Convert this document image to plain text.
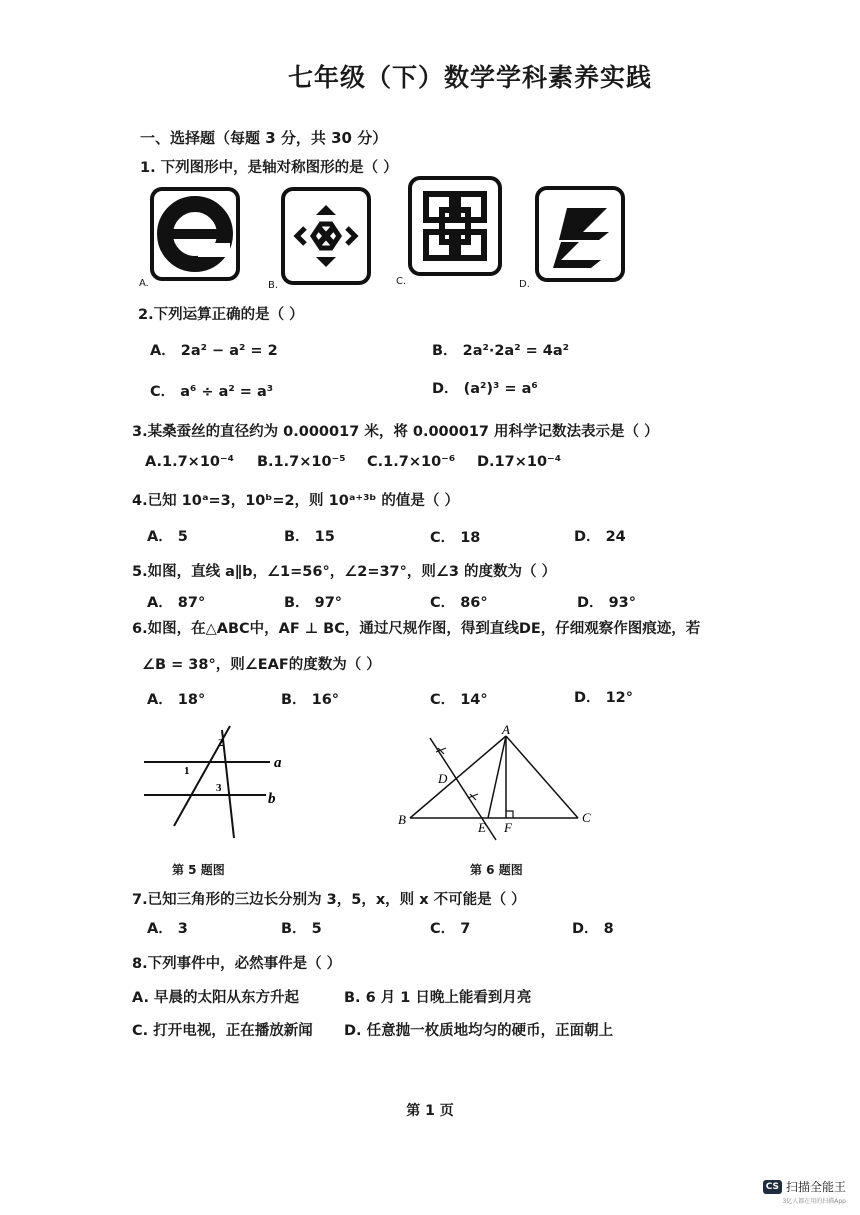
七年级（下）数学学科素养实践
一、选择题（每题 3 分，共 30 分）
1. 下列图形中，是轴对称图形的是（ ）
A.	B.	C.	D.
2.下列运算正确的是（ ）
A． 2a² − a² = 2	B． 2a²·2a² = 4a²
C． a⁶ ÷ a² = a³	D． (a²)³ = a⁶
3.某桑蚕丝的直径约为 0.000017 米，将 0.000017 用科学记数法表示是（ ）
A.1.7×10⁻⁴ B.1.7×10⁻⁵ C.1.7×10⁻⁶ D.17×10⁻⁴
4.已知 10ᵃ=3，10ᵇ=2，则 10ᵃ⁺³ᵇ 的值是（ ）
A． 5	B． 15	C． 18	D． 24
5.如图，直线 a∥b，∠1=56°，∠2=37°，则∠3 的度数为（ ）
A． 87°	B． 97°	C． 86°	D． 93°
6.如图，在△ABC中，AF ⊥ BC，通过尺规作图，得到直线DE，仔细观察作图痕迹，若
∠B = 38°，则∠EAF的度数为（ ）
A． 18°	B． 16°	C． 14°	D． 12°
1
2
3
a
b
第 5 题图
A
B	C
D
E F
第 6 题图
7.已知三角形的三边长分别为 3，5，x，则 x 不可能是（ ）
A． 3	B． 5	C． 7	D． 8
8.下列事件中，必然事件是（ ）
A. 早晨的太阳从东方升起	B. 6 月 1 日晚上能看到月亮
C. 打开电视，正在播放新闻 D. 任意抛一枚质地均匀的硬币，正面朝上
第 1 页
CS 扫描全能王
3亿人都在用的扫描App
